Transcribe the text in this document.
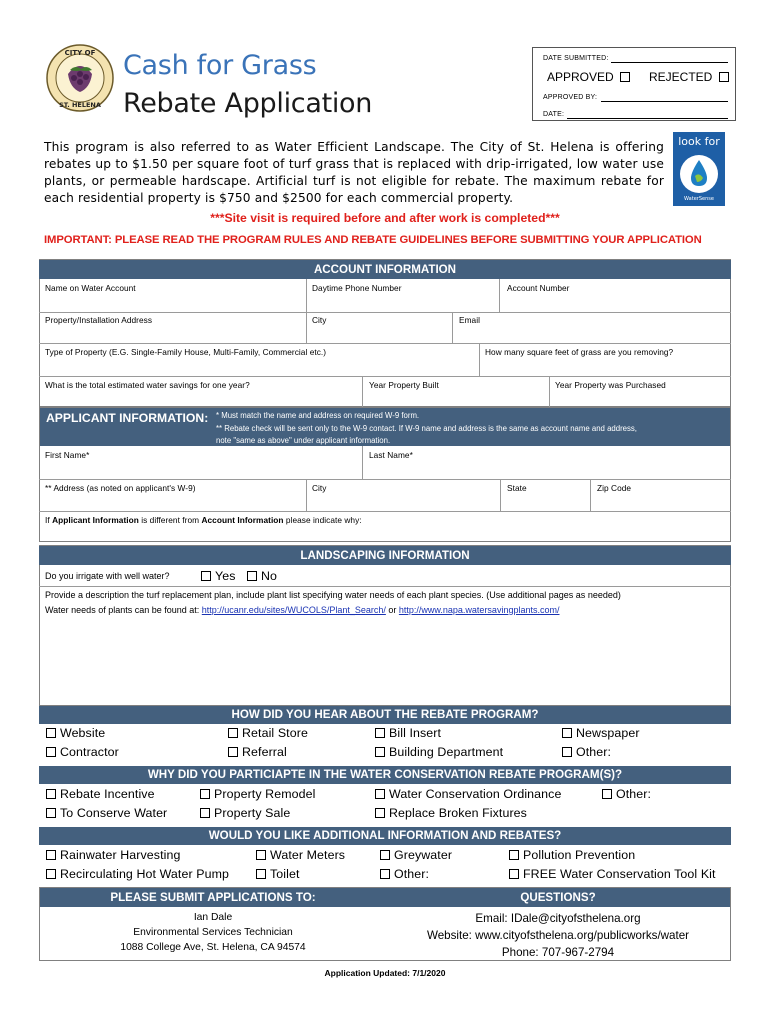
CITY OF
ST. HELENA
Cash for Grass
Rebate Application
DATE SUBMITTED:
APPROVED	REJECTED
APPROVED BY:
DATE:
look for
WaterSense
This program is also referred to as Water Efficient Landscape. The City of St. Helena is offering rebates up to $1.50 per square foot of turf grass that is replaced with drip-irrigated, low water use plants, or permeable hardscape. Artificial turf is not eligible for rebate. The maximum rebate for each residential property is $750 and $2500 for each commercial property.
***Site visit is required before and after work is completed***
IMPORTANT: PLEASE READ THE PROGRAM RULES AND REBATE GUIDELINES BEFORE SUBMITTING YOUR APPLICATION
ACCOUNT INFORMATION
Name on Water Account	Daytime Phone Number	Account Number
Property/Installation Address	City	Email
Type of Property (E.G. Single-Family House, Multi-Family, Commercial etc.)	How many square feet of grass are you removing?
What is the total estimated water savings for one year?	Year Property Built	Year Property was Purchased
APPLICANT INFORMATION: * Must match the name and address on required W-9 form.
** Rebate check will be sent only to the W-9 contact. If W-9 name and address is the same as account name and address,
note "same as above" under applicant information.
First Name*	Last Name*
** Address (as noted on applicant's W-9)	City	State	Zip Code
If Applicant Information is different from Account Information please indicate why:
LANDSCAPING INFORMATION
Do you irrigate with well water?	Yes	No
Provide a description the turf replacement plan, include plant list specifying water needs of each plant species. (Use additional pages as needed)
Water needs of plants can be found at: http://ucanr.edu/sites/WUCOLS/Plant_Search/ or http://www.napa.watersavingplants.com/
HOW DID YOU HEAR ABOUT THE REBATE PROGRAM?
Website	Retail Store	Bill Insert	Newspaper
Contractor	Referral	Building Department	Other:
WHY DID YOU PARTICIAPTE IN THE WATER CONSERVATION REBATE PROGRAM(S)?
Rebate Incentive	Property Remodel	Water Conservation Ordinance	Other:
To Conserve Water	Property Sale	Replace Broken Fixtures
WOULD YOU LIKE ADDITIONAL INFORMATION AND REBATES?
Rainwater Harvesting	Water Meters	Greywater	Pollution Prevention
Recirculating Hot Water Pump	Toilet	Other:	FREE Water Conservation Tool Kit
PLEASE SUBMIT APPLICATIONS TO:	QUESTIONS?
Ian Dale
Environmental Services Technician
1088 College Ave, St. Helena, CA 94574
Email: IDale@cityofsthelena.org
Website: www.cityofsthelena.org/publicworks/water
Phone: 707-967-2794
Application Updated: 7/1/2020
